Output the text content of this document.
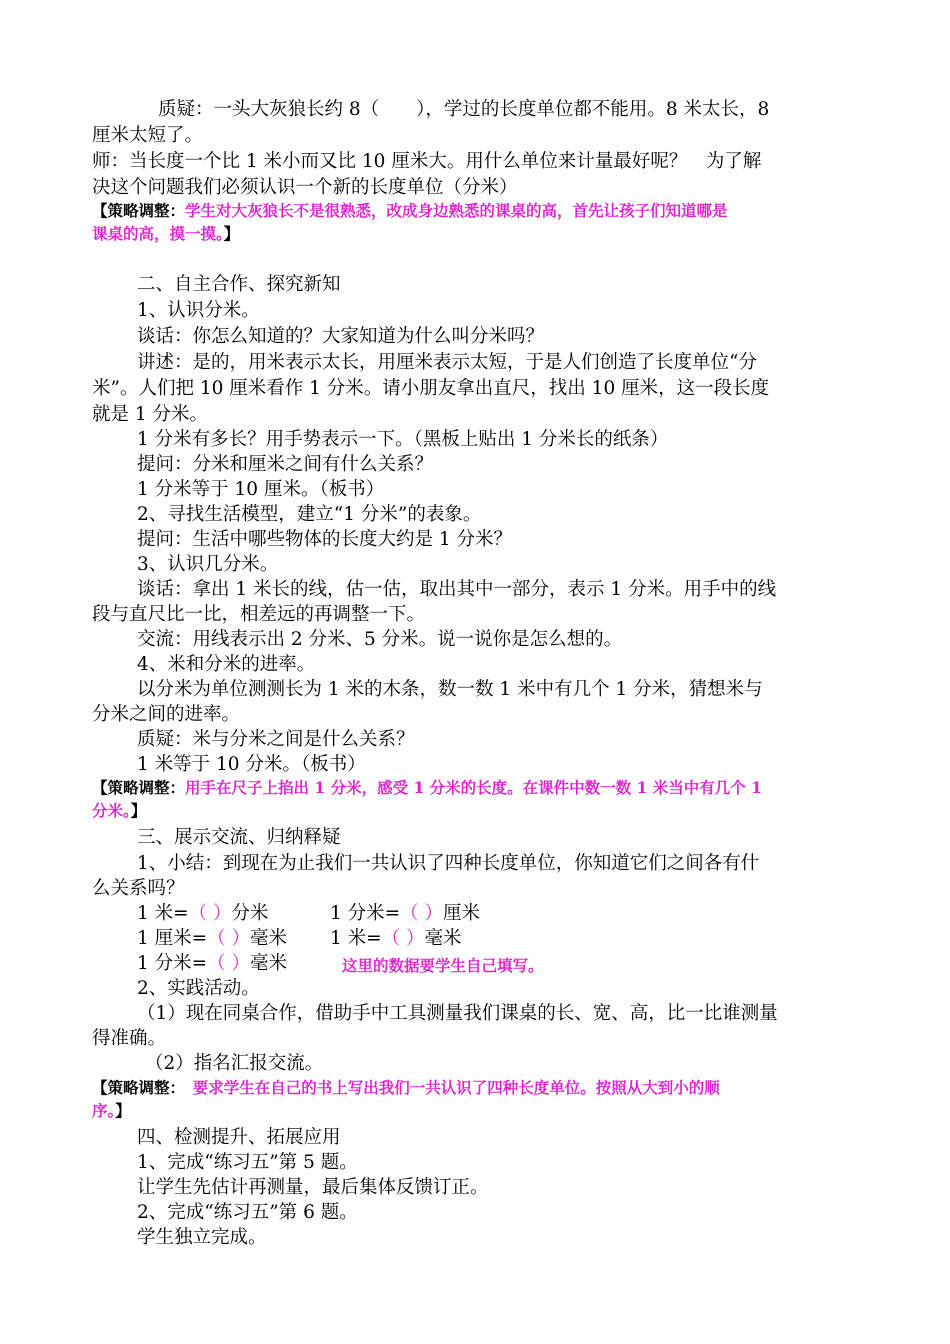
质疑：一头大灰狼长约 8（　　），学过的长度单位都不能用。8 米太长，8
厘米太短了。
师：当长度一个比 1 米小而又比 10 厘米大。用什么单位来计量最好呢？　为了解
决这个问题我们必须认识一个新的长度单位（分米）
【策略调整：学生对大灰狼长不是很熟悉，改成身边熟悉的课桌的高，首先让孩子们知道哪是
课桌的高，摸一摸。】
二、自主合作、探究新知
1、认识分米。
谈话：你怎么知道的？大家知道为什么叫分米吗？
讲述：是的，用米表示太长，用厘米表示太短，于是人们创造了长度单位“分
米”。人们把 10 厘米看作 1 分米。请小朋友拿出直尺，找出 10 厘米，这一段长度
就是 1 分米。
1 分米有多长？用手势表示一下。（黑板上贴出 1 分米长的纸条）
提问：分米和厘米之间有什么关系？
1 分米等于 10 厘米。（板书）
2、寻找生活模型，建立“1 分米”的表象。
提问：生活中哪些物体的长度大约是 1 分米？
3、认识几分米。
谈话：拿出 1 米长的线，估一估，取出其中一部分，表示 1 分米。用手中的线
段与直尺比一比，相差远的再调整一下。
交流：用线表示出 2 分米、5 分米。说一说你是怎么想的。
4、米和分米的进率。
以分米为单位测测长为 1 米的木条，数一数 1 米中有几个 1 分米，猜想米与
分米之间的进率。
质疑：米与分米之间是什么关系？
1 米等于 10 分米。（板书）
【策略调整：用手在尺子上掐出 1 分米，感受 1 分米的长度。在课件中数一数 1 米当中有几个 1
分米。】
三、展示交流、归纳释疑
1、小结：到现在为止我们一共认识了四种长度单位，你知道它们之间各有什
么关系吗？
1 米=（ ）分米	1 分米=（ ）厘米
1 厘米=（ ）毫米 1 米=（ ）毫米
1 分米=（ ）毫米	这里的数据要学生自己填写。
2、实践活动。
（1）现在同桌合作，借助手中工具测量我们课桌的长、宽、高，比一比谁测量
得准确。
（2）指名汇报交流。
【策略调整：　要求学生在自己的书上写出我们一共认识了四种长度单位。按照从大到小的顺
序。】
四、检测提升、拓展应用
1、完成“练习五”第 5 题。
让学生先估计再测量，最后集体反馈订正。
2、完成“练习五”第 6 题。
学生独立完成。
